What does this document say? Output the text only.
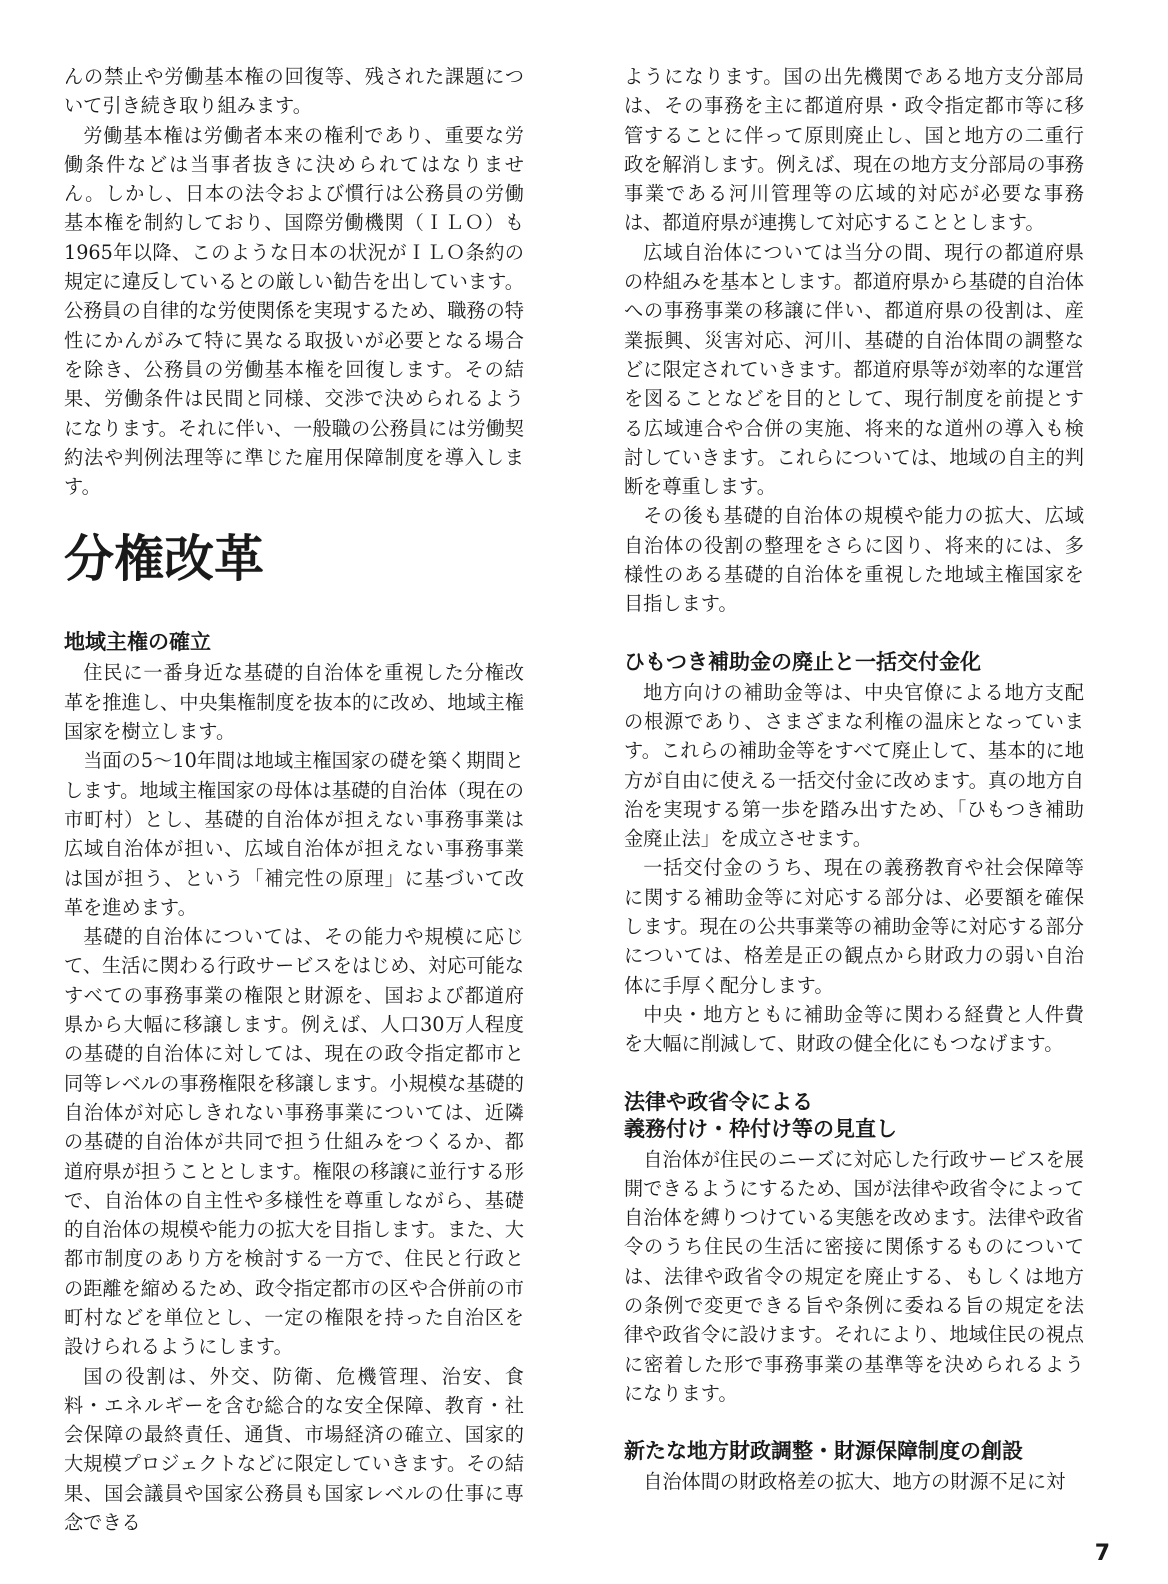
んの禁止や労働基本権の回復等、残された課題について引き続き取り組みます。

労働基本権は労働者本来の権利であり、重要な労働条件などは当事者抜きに決められてはなりません。しかし、日本の法令および慣行は公務員の労働基本権を制約しており、国際労働機関（ＩＬＯ）も1965年以降、このような日本の状況がＩＬＯ条約の規定に違反しているとの厳しい勧告を出しています。公務員の自律的な労使関係を実現するため、職務の特性にかんがみて特に異なる取扱いが必要となる場合を除き、公務員の労働基本権を回復します。その結果、労働条件は民間と同様、交渉で決められるようになります。それに伴い、一般職の公務員には労働契約法や判例法理等に準じた雇用保障制度を導入します。

分権改革
地域主権の確立

住民に一番身近な基礎的自治体を重視した分権改革を推進し、中央集権制度を抜本的に改め、地域主権国家を樹立します。

当面の5～10年間は地域主権国家の礎を築く期間とします。地域主権国家の母体は基礎的自治体（現在の市町村）とし、基礎的自治体が担えない事務事業は広域自治体が担い、広域自治体が担えない事務事業は国が担う、という「補完性の原理」に基づいて改革を進めます。

基礎的自治体については、その能力や規模に応じて、生活に関わる行政サービスをはじめ、対応可能なすべての事務事業の権限と財源を、国および都道府県から大幅に移譲します。例えば、人口30万人程度の基礎的自治体に対しては、現在の政令指定都市と同等レベルの事務権限を移譲します。小規模な基礎的自治体が対応しきれない事務事業については、近隣の基礎的自治体が共同で担う仕組みをつくるか、都道府県が担うこととします。権限の移譲に並行する形で、自治体の自主性や多様性を尊重しながら、基礎的自治体の規模や能力の拡大を目指します。また、大都市制度のあり方を検討する一方で、住民と行政との距離を縮めるため、政令指定都市の区や合併前の市町村などを単位とし、一定の権限を持った自治区を設けられるようにします。

国の役割は、外交、防衛、危機管理、治安、食料・エネルギーを含む総合的な安全保障、教育・社会保障の最終責任、通貨、市場経済の確立、国家的大規模プロジェクトなどに限定していきます。その結果、国会議員や国家公務員も国家レベルの仕事に専念できる

ようになります。国の出先機関である地方支分部局は、その事務を主に都道府県・政令指定都市等に移管することに伴って原則廃止し、国と地方の二重行政を解消します。例えば、現在の地方支分部局の事務事業である河川管理等の広域的対応が必要な事務は、都道府県が連携して対応することとします。

広域自治体については当分の間、現行の都道府県の枠組みを基本とします。都道府県から基礎的自治体への事務事業の移譲に伴い、都道府県の役割は、産業振興、災害対応、河川、基礎的自治体間の調整などに限定されていきます。都道府県等が効率的な運営を図ることなどを目的として、現行制度を前提とする広域連合や合併の実施、将来的な道州の導入も検討していきます。これらについては、地域の自主的判断を尊重します。

その後も基礎的自治体の規模や能力の拡大、広域自治体の役割の整理をさらに図り、将来的には、多様性のある基礎的自治体を重視した地域主権国家を目指します。

ひもつき補助金の廃止と一括交付金化

地方向けの補助金等は、中央官僚による地方支配の根源であり、さまざまな利権の温床となっています。これらの補助金等をすべて廃止して、基本的に地方が自由に使える一括交付金に改めます。真の地方自治を実現する第一歩を踏み出すため、「ひもつき補助金廃止法」を成立させます。

一括交付金のうち、現在の義務教育や社会保障等に関する補助金等に対応する部分は、必要額を確保します。現在の公共事業等の補助金等に対応する部分については、格差是正の観点から財政力の弱い自治体に手厚く配分します。

中央・地方ともに補助金等に関わる経費と人件費を大幅に削減して、財政の健全化にもつなげます。

法律や政省令による
義務付け・枠付け等の見直し

自治体が住民のニーズに対応した行政サービスを展開できるようにするため、国が法律や政省令によって自治体を縛りつけている実態を改めます。法律や政省令のうち住民の生活に密接に関係するものについては、法律や政省令の規定を廃止する、もしくは地方の条例で変更できる旨や条例に委ねる旨の規定を法律や政省令に設けます。それにより、地域住民の視点に密着した形で事務事業の基準等を決められるようになります。

新たな地方財政調整・財源保障制度の創設

自治体間の財政格差の拡大、地方の財源不足に対

7
